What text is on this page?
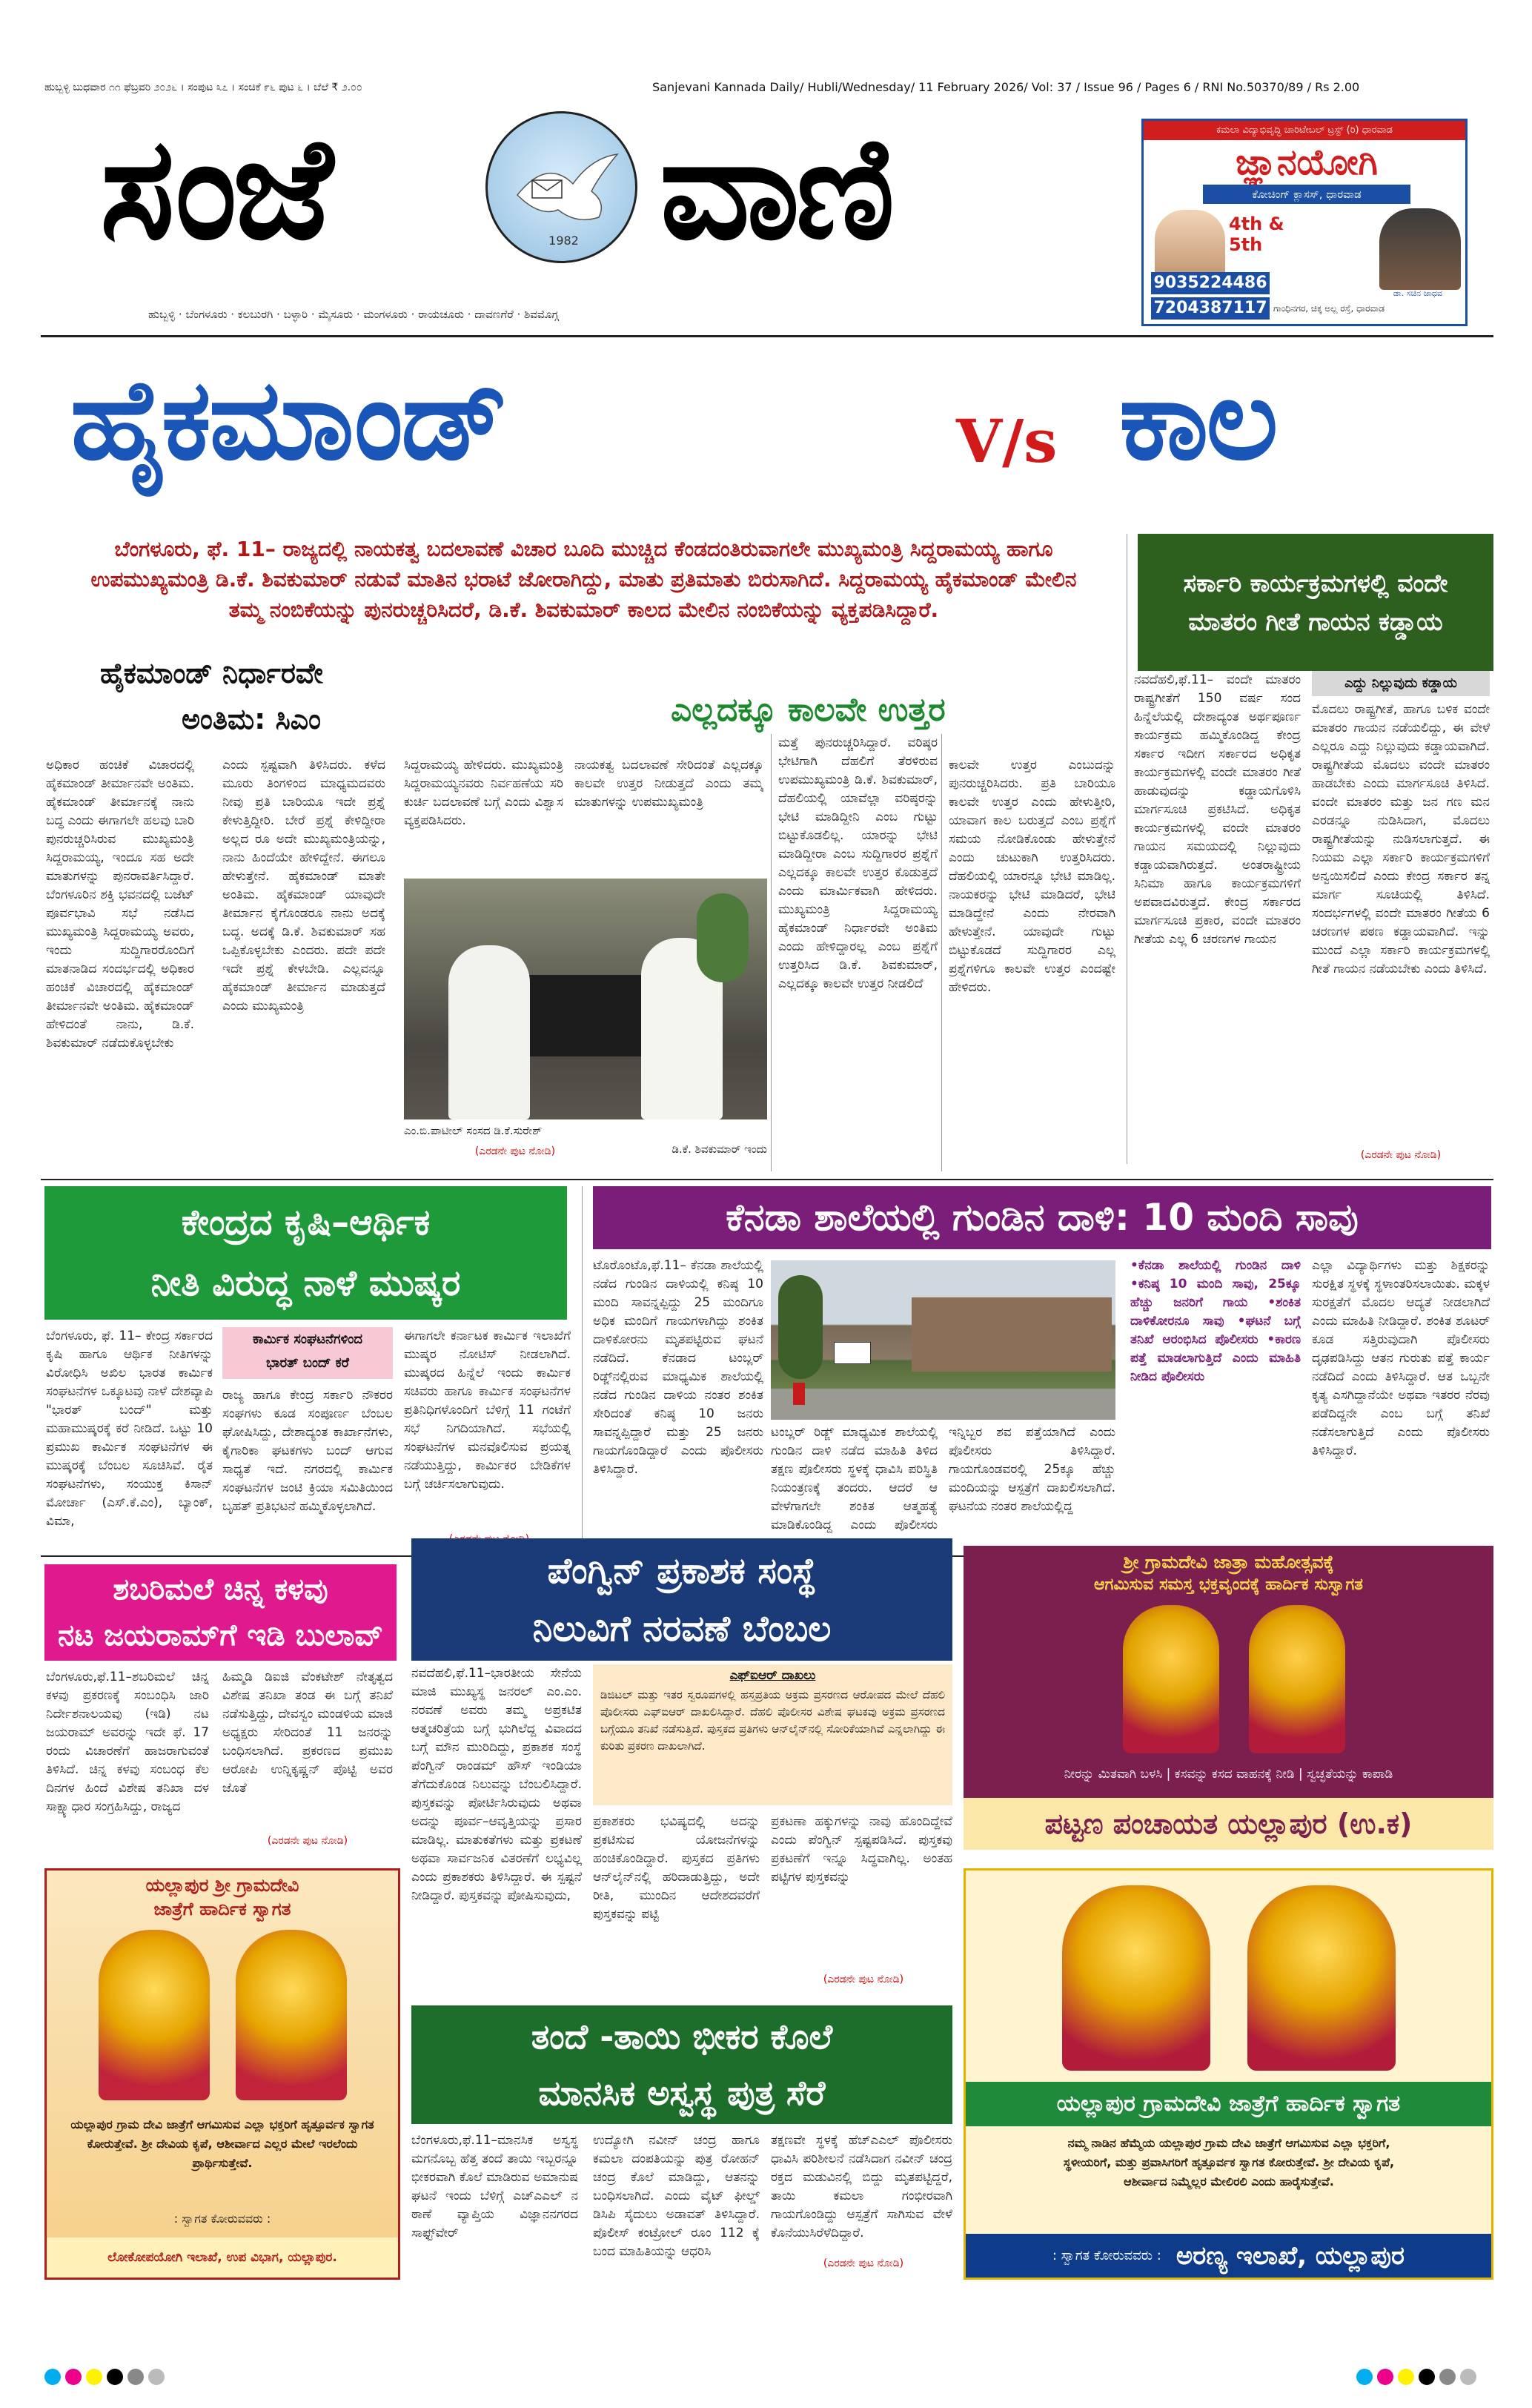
ಹುಬ್ಬಳ್ಳಿ ಬುಧವಾರ ೧೧ ಫೆಬ್ರವರಿ ೨೦೨೬ । ಸಂಪುಟ ೩೭ । ಸಂಚಿಕೆ ೯೬ ಪುಟ ೬ । ಬೆಲೆ ₹ ೨.೦೦	Sanjevani Kannada Daily/ Hubli/Wednesday/ 11 February 2026/ Vol: 37 / Issue 96 / Pages 6 / RNI No.50370/89 / Rs 2.00
ಸಂಜೆ	1982 ವಾಣಿ
ಹುಬ್ಬಳ್ಳಿ · ಬೆಂಗಳೂರು · ಕಲಬುರಗಿ · ಬಳ್ಳಾರಿ · ಮೈಸೂರು · ಮಂಗಳೂರು · ರಾಯಚೂರು · ದಾವಣಗೆರೆ · ಶಿವಮೊಗ್ಗ
ಕಮಲಾ ವಿದ್ಯಾಭಿವೃದ್ಧಿ ಚಾರಿಟೇಬಲ್ ಟ್ರಸ್ಟ್ (ರಿ) ಧಾರವಾಡ
ಜ್ಞಾನಯೋಗಿ
ಕೋಚಿಂಗ್ ಕ್ಲಾಸಸ್, ಧಾರವಾಡ
4th & 5th
ಡಾ. ಸಚಿನ ಜಾಧವ
9035224486
7204387117 ಗಾಂಧಿನಗರ, ಚಿಕ್ಕ ಅಲ್ಲ ರಸ್ತೆ, ಧಾರವಾಡ
ಹೈಕಮಾಂಡ್	V/s ಕಾಲ
ಬೆಂಗಳೂರು, ಫೆ. 11– ರಾಜ್ಯದಲ್ಲಿ ನಾಯಕತ್ವ ಬದಲಾವಣೆ ವಿಚಾರ ಬೂದಿ ಮುಚ್ಚಿದ ಕೆಂಡದಂತಿರುವಾಗಲೇ ಮುಖ್ಯಮಂತ್ರಿ ಸಿದ್ದರಾಮಯ್ಯ ಹಾಗೂ ಉಪಮುಖ್ಯಮಂತ್ರಿ ಡಿ.ಕೆ. ಶಿವಕುಮಾರ್ ನಡುವೆ ಮಾತಿನ ಭರಾಟೆ ಜೋರಾಗಿದ್ದು, ಮಾತು ಪ್ರತಿಮಾತು ಬಿರುಸಾಗಿದೆ. ಸಿದ್ದರಾಮಯ್ಯ ಹೈಕಮಾಂಡ್ ಮೇಲಿನ ತಮ್ಮ ನಂಬಿಕೆಯನ್ನು ಪುನರುಚ್ಚರಿಸಿದರೆ, ಡಿ.ಕೆ. ಶಿವಕುಮಾರ್ ಕಾಲದ ಮೇಲಿನ ನಂಬಿಕೆಯನ್ನು ವ್ಯಕ್ತಪಡಿಸಿದ್ದಾರೆ.
ಸರ್ಕಾರಿ ಕಾರ್ಯಕ್ರಮಗಳಲ್ಲಿ ವಂದೇ ಮಾತರಂ ಗೀತೆ ಗಾಯನ ಕಡ್ಡಾಯ
ಹೈಕಮಾಂಡ್ ನಿರ್ಧಾರವೇ
ಅಂತಿಮ: ಸಿಎಂ	ಎಲ್ಲದಕ್ಕೂ ಕಾಲವೇ ಉತ್ತರ
ಅಧಿಕಾರ ಹಂಚಿಕೆ ವಿಚಾರದಲ್ಲಿ ಹೈಕಮಾಂಡ್ ತೀರ್ಮಾನವೇ ಅಂತಿಮ. ಹೈಕಮಾಂಡ್ ತೀರ್ಮಾನಕ್ಕೆ ನಾನು ಬದ್ಧ ಎಂದು ಈಗಾಗಲೇ ಹಲವು ಬಾರಿ ಪುನರುಚ್ಚರಿಸಿರುವ ಮುಖ್ಯಮಂತ್ರಿ ಸಿದ್ದರಾಮಯ್ಯ, ಇಂದೂ ಸಹ ಅದೇ ಮಾತುಗಳನ್ನು ಪುನರಾವರ್ತಿಸಿದ್ದಾರೆ. ಬೆಂಗಳೂರಿನ ಶಕ್ತಿ ಭವನದಲ್ಲಿ ಬಜೆಟ್ ಪೂರ್ವಭಾವಿ ಸಭೆ ನಡೆಸಿದ ಮುಖ್ಯಮಂತ್ರಿ ಸಿದ್ದರಾಮಯ್ಯ ಅವರು, ಇಂದು ಸುದ್ದಿಗಾರರೊಂದಿಗೆ ಮಾತನಾಡಿದ ಸಂದರ್ಭದಲ್ಲಿ ಅಧಿಕಾರ ಹಂಚಿಕೆ ವಿಚಾರದಲ್ಲಿ ಹೈಕಮಾಂಡ್ ತೀರ್ಮಾನವೇ ಅಂತಿಮ. ಹೈಕಮಾಂಡ್ ಹೇಳಿದಂತೆ ನಾನು, ಡಿ.ಕೆ. ಶಿವಕುಮಾರ್ ನಡೆದುಕೊಳ್ಳಬೇಕು
ಎಂದು ಸ್ಪಷ್ಟವಾಗಿ ತಿಳಿಸಿದರು. ಕಳೆದ ಮೂರು ತಿಂಗಳಿಂದ ಮಾಧ್ಯಮದವರು ನೀವು ಪ್ರತಿ ಬಾರಿಯೂ ಇದೇ ಪ್ರಶ್ನೆ ಕೇಳುತ್ತಿದ್ದೀರಿ. ಬೇರೆ ಪ್ರಶ್ನೆ ಕೇಳಿದ್ದೀರಾ ಅಲ್ಲದ ರೂ ಅದೇ ಮುಖ್ಯಮಂತ್ರಿಯನ್ನು, ನಾನು ಹಿಂದೆಯೇ ಹೇಳಿದ್ದೇನೆ. ಈಗಲೂ ಹೇಳುತ್ತೇನೆ. ಹೈಕಮಾಂಡ್ ಮಾತೇ ಅಂತಿಮ. ಹೈಕಮಾಂಡ್ ಯಾವುದೇ ತೀರ್ಮಾನ ಕೈಗೊಂಡರೂ ನಾನು ಅದಕ್ಕೆ ಬದ್ಧ. ಅದಕ್ಕೆ ಡಿ.ಕೆ. ಶಿವಕುಮಾರ್ ಸಹ ಒಪ್ಪಿಕೊಳ್ಳಬೇಕು ಎಂದರು. ಪದೇ ಪದೇ ಇದೇ ಪ್ರಶ್ನೆ ಕೇಳಬೇಡಿ. ಎಲ್ಲವನ್ನೂ ಹೈಕಮಾಂಡ್ ತೀರ್ಮಾನ ಮಾಡುತ್ತದೆ ಎಂದು ಮುಖ್ಯಮಂತ್ರಿ
ಸಿದ್ದರಾಮಯ್ಯ ಹೇಳಿದರು. ಮುಖ್ಯಮಂತ್ರಿ ಸಿದ್ದರಾಮಯ್ಯನವರು ನಿರ್ವಹಣೆಯ ಸರಿ ಕುರ್ಚಿ ಬದಲಾವಣೆ ಬಗ್ಗೆ ಎಂದು ವಿಶ್ವಾಸ ವ್ಯಕ್ತಪಡಿಸಿದರು.
ನಾಯಕತ್ವ ಬದಲಾವಣೆ ಸೇರಿದಂತೆ ಎಲ್ಲದಕ್ಕೂ ಕಾಲವೇ ಉತ್ತರ ನೀಡುತ್ತದೆ ಎಂದು ತಮ್ಮ ಮಾತುಗಳನ್ನು ಉಪಮುಖ್ಯಮಂತ್ರಿ
ಮತ್ತೆ ಪುನರುಚ್ಚರಿಸಿದ್ದಾರೆ. ವರಿಷ್ಠರ ಭೇಟಿಗಾಗಿ ದೆಹಲಿಗೆ ತೆರಳಿರುವ ಉಪಮುಖ್ಯಮಂತ್ರಿ ಡಿ.ಕೆ. ಶಿವಕುಮಾರ್, ದೆಹಲಿಯಲ್ಲಿ ಯಾವೆಲ್ಲಾ ವರಿಷ್ಠರನ್ನು ಭೇಟಿ ಮಾಡಿದ್ದೀನಿ ಎಂಬ ಗುಟ್ಟು ಬಿಟ್ಟುಕೊಡಲಿಲ್ಲ. ಯಾರನ್ನು ಭೇಟಿ ಮಾಡಿದ್ದೀರಾ ಎಂಬ ಸುದ್ದಿಗಾರರ ಪ್ರಶ್ನೆಗೆ ಎಲ್ಲದಕ್ಕೂ ಕಾಲವೇ ಉತ್ತರ ಕೊಡುತ್ತದೆ ಎಂದು ಮಾರ್ಮಿಕವಾಗಿ ಹೇಳಿದರು. ಮುಖ್ಯಮಂತ್ರಿ ಸಿದ್ದರಾಮಯ್ಯ ಹೈಕಮಾಂಡ್ ನಿರ್ಧಾರವೇ ಅಂತಿಮ ಎಂದು ಹೇಳಿದ್ದಾರಲ್ಲ ಎಂಬ ಪ್ರಶ್ನೆಗೆ ಉತ್ತರಿಸಿದ ಡಿ.ಕೆ. ಶಿವಕುಮಾರ್, ಎಲ್ಲದಕ್ಕೂ ಕಾಲವೇ ಉತ್ತರ ನೀಡಲಿದೆ
ಕಾಲವೇ ಉತ್ತರ ಎಂಬುದನ್ನು ಪುನರುಚ್ಚರಿಸಿದರು. ಪ್ರತಿ ಬಾರಿಯೂ ಕಾಲವೇ ಉತ್ತರ ಎಂದು ಹೇಳುತ್ತೀರಿ, ಯಾವಾಗ ಕಾಲ ಬರುತ್ತದೆ ಎಂಬ ಪ್ರಶ್ನೆಗೆ ಸಮಯ ನೋಡಿಕೊಂಡು ಹೇಳುತ್ತೇನೆ ಎಂದು ಚುಟುಕಾಗಿ ಉತ್ತರಿಸಿದರು. ದೆಹಲಿಯಲ್ಲಿ ಯಾರನ್ನೂ ಭೇಟಿ ಮಾಡಿಲ್ಲ. ನಾಯಕರನ್ನು ಭೇಟಿ ಮಾಡಿದರೆ, ಭೇಟಿ ಮಾಡಿದ್ದೇನೆ ಎಂದು ನೇರವಾಗಿ ಹೇಳುತ್ತೇನೆ. ಯಾವುದೇ ಗುಟ್ಟು ಬಿಟ್ಟುಕೊಡದೆ ಸುದ್ದಿಗಾರರ ಎಲ್ಲ ಪ್ರಶ್ನೆಗಳಿಗೂ ಕಾಲವೇ ಉತ್ತರ ಎಂದಷ್ಟೇ ಹೇಳಿದರು.
ಎಂ.ಬಿ.ಪಾಟೀಲ್ ಸಂಸದ ಡಿ.ಕೆ.ಸುರೇಶ್
ಡಿ.ಕೆ. ಶಿವಕುಮಾರ್ ಇಂದು
(ಎರಡನೇ ಪುಟ ನೋಡಿ)
ನವದೆಹಲಿ,ಫೆ.11– ವಂದೇ ಮಾತರಂ ರಾಷ್ಟ್ರಗೀತೆಗೆ 150 ವರ್ಷ ಸಂದ ಹಿನ್ನೆಲೆಯಲ್ಲಿ ದೇಶಾದ್ಯಂತ ಅರ್ಥಪೂರ್ಣ ಕಾರ್ಯಕ್ರಮ ಹಮ್ಮಿಕೊಂಡಿದ್ದ ಕೇಂದ್ರ ಸರ್ಕಾರ ಇದೀಗ ಸರ್ಕಾರದ ಅಧಿಕೃತ ಕಾರ್ಯಕ್ರಮಗಳಲ್ಲಿ ವಂದೇ ಮಾತರಂ ಗೀತೆ ಹಾಡುವುದನ್ನು ಕಡ್ಡಾಯಗೊಳಿಸಿ ಮಾರ್ಗಸೂಚಿ ಪ್ರಕಟಿಸಿದೆ. ಅಧಿಕೃತ ಕಾರ್ಯಕ್ರಮಗಳಲ್ಲಿ ವಂದೇ ಮಾತರಂ ಗಾಯನ ಸಮಯದಲ್ಲಿ ನಿಲ್ಲುವುದು ಕಡ್ಡಾಯವಾಗಿರುತ್ತದೆ. ಅಂತರಾಷ್ಟ್ರೀಯ ಸಿನಿಮಾ ಹಾಗೂ ಕಾರ್ಯಕ್ರಮಗಳಿಗೆ ಅಪವಾದವಿರುತ್ತದೆ. ಕೇಂದ್ರ ಸರ್ಕಾರದ ಮಾರ್ಗಸೂಚಿ ಪ್ರಕಾರ, ವಂದೇ ಮಾತರಂ ಗೀತೆಯ ಎಲ್ಲ 6 ಚರಣಗಳ ಗಾಯನ
ಎದ್ದು ನಿಲ್ಲುವುದು ಕಡ್ಡಾಯ
ಮೊದಲು ರಾಷ್ಟ್ರಗೀತೆ, ಹಾಗೂ ಬಳಿಕ ವಂದೇ ಮಾತರಂ ಗಾಯನ ನಡೆಯಲಿದ್ದು, ಈ ವೇಳೆ ಎಲ್ಲರೂ ಎದ್ದು ನಿಲ್ಲುವುದು ಕಡ್ಡಾಯವಾಗಿದೆ. ರಾಷ್ಟ್ರಗೀತೆಯ ಮೊದಲು ವಂದೇ ಮಾತರಂ ಹಾಡಬೇಕು ಎಂದು ಮಾರ್ಗಸೂಚಿ ತಿಳಿಸಿದೆ. ವಂದೇ ಮಾತರಂ ಮತ್ತು ಜನ ಗಣ ಮನ ಎರಡನ್ನೂ ನುಡಿಸಿದಾಗ, ಮೊದಲು ರಾಷ್ಟ್ರಗೀತೆಯನ್ನು ನುಡಿಸಲಾಗುತ್ತದೆ. ಈ ನಿಯಮ ಎಲ್ಲಾ ಸರ್ಕಾರಿ ಕಾರ್ಯಕ್ರಮಗಳಿಗೆ ಅನ್ವಯಿಸಲಿದೆ ಎಂದು ಕೇಂದ್ರ ಸರ್ಕಾರ ತನ್ನ ಮಾರ್ಗ ಸೂಚಿಯಲ್ಲಿ ತಿಳಿಸಿದೆ. ಸಂದರ್ಭಗಳಲ್ಲಿ ವಂದೇ ಮಾತರಂ ಗೀತೆಯ 6 ಚರಣಗಳ ಪಠಣ ಕಡ್ಡಾಯವಾಗಿದೆ. ಇನ್ನು ಮುಂದೆ ಎಲ್ಲಾ ಸರ್ಕಾರಿ ಕಾರ್ಯಕ್ರಮಗಳಲ್ಲಿ ಗೀತೆ ಗಾಯನ ನಡೆಯಬೇಕು ಎಂದು ತಿಳಿಸಿದೆ.
(ಎರಡನೇ ಪುಟ ನೋಡಿ)
ಕೇಂದ್ರದ ಕೃಷಿ–ಆರ್ಥಿಕ
ನೀತಿ ವಿರುದ್ಧ ನಾಳೆ ಮುಷ್ಕರ
ಬೆಂಗಳೂರು, ಫೆ. 11– ಕೇಂದ್ರ ಸರ್ಕಾರದ ಕೃಷಿ ಹಾಗೂ ಆರ್ಥಿಕ ನೀತಿಗಳನ್ನು ವಿರೋಧಿಸಿ ಅಖಿಲ ಭಾರತ ಕಾರ್ಮಿಕ ಸಂಘಟನೆಗಳ ಒಕ್ಕೂಟವು ನಾಳೆ ದೇಶವ್ಯಾಪಿ "ಭಾರತ್ ಬಂದ್" ಮತ್ತು ಮಹಾಮುಷ್ಕರಕ್ಕೆ ಕರೆ ನೀಡಿದೆ. ಒಟ್ಟು 10 ಪ್ರಮುಖ ಕಾರ್ಮಿಕ ಸಂಘಟನೆಗಳ ಈ ಮುಷ್ಕರಕ್ಕೆ ಬೆಂಬಲ ಸೂಚಿಸಿವೆ. ರೈತ ಸಂಘಟನೆಗಳು, ಸಂಯುಕ್ತ ಕಿಸಾನ್ ಮೋರ್ಚಾ (ಎಸ್.ಕೆ.ಎಂ), ಬ್ಯಾಂಕ್, ವಿಮಾ,
ಕಾರ್ಮಿಕ ಸಂಘಟನೆಗಳಿಂದ
ಭಾರತ್ ಬಂದ್ ಕರೆ
ರಾಜ್ಯ ಹಾಗೂ ಕೇಂದ್ರ ಸರ್ಕಾರಿ ನೌಕರರ ಸಂಘಗಳು ಕೂಡ ಸಂಪೂರ್ಣ ಬೆಂಬಲ ಘೋಷಿಸಿದ್ದು, ದೇಶಾದ್ಯಂತ ಕಾರ್ಖಾನೆಗಳು, ಕೈಗಾರಿಕಾ ಘಟಕಗಳು ಬಂದ್ ಆಗುವ ಸಾಧ್ಯತೆ ಇದೆ. ನಗರದಲ್ಲಿ ಕಾರ್ಮಿಕ ಸಂಘಟನೆಗಳ ಜಂಟಿ ಕ್ರಿಯಾ ಸಮಿತಿಯಿಂದ ಬೃಹತ್ ಪ್ರತಿಭಟನೆ ಹಮ್ಮಿಕೊಳ್ಳಲಾಗಿದೆ.
ಈಗಾಗಲೇ ಕರ್ನಾಟಕ ಕಾರ್ಮಿಕ ಇಲಾಖೆಗೆ ಮುಷ್ಕರ ನೋಟಿಸ್ ನೀಡಲಾಗಿದೆ. ಮುಷ್ಕರದ ಹಿನ್ನೆಲೆ ಇಂದು ಕಾರ್ಮಿಕ ಸಚಿವರು ಹಾಗೂ ಕಾರ್ಮಿಕ ಸಂಘಟನೆಗಳ ಪ್ರತಿನಿಧಿಗಳೊಂದಿಗೆ ಬೆಳಿಗ್ಗೆ 11 ಗಂಟೆಗೆ ಸಭೆ ನಿಗದಿಯಾಗಿದೆ. ಸಭೆಯಲ್ಲಿ ಸಂಘಟನೆಗಳ ಮನವೊಲಿಸುವ ಪ್ರಯತ್ನ ನಡೆಯುತ್ತಿದ್ದು, ಕಾರ್ಮಿಕರ ಬೇಡಿಕೆಗಳ ಬಗ್ಗೆ ಚರ್ಚಿಸಲಾಗುವುದು.
ಕೆನಡಾ ಶಾಲೆಯಲ್ಲಿ ಗುಂಡಿನ ದಾಳಿ: 10 ಮಂದಿ ಸಾವು
ಟೊರೊಂಟೊ,ಫೆ.11– ಕೆನಡಾ ಶಾಲೆಯಲ್ಲಿ ನಡೆದ ಗುಂಡಿನ ದಾಳಿಯಲ್ಲಿ ಕನಿಷ್ಠ 10 ಮಂದಿ ಸಾವನ್ನಪ್ಪಿದ್ದು 25 ಮಂದಿಗೂ ಅಧಿಕ ಮಂದಿಗೆ ಗಾಯಗಳಾಗಿದ್ದು ಶಂಕಿತ ದಾಳಿಕೋರನು ಮೃತಪಟ್ಟಿರುವ ಘಟನೆ ನಡೆದಿದೆ. ಕೆನಡಾದ ಟಂಬ್ಲರ್ ರಿಡ್ಜ್‌ನಲ್ಲಿರುವ ಮಾಧ್ಯಮಿಕ ಶಾಲೆಯಲ್ಲಿ ನಡೆದ ಗುಂಡಿನ ದಾಳಿಯ ನಂತರ ಶಂಕಿತ ಸೇರಿದಂತೆ ಕನಿಷ್ಠ 10 ಜನರು ಸಾವನ್ನಪ್ಪಿದ್ದಾರೆ ಮತ್ತು 25 ಜನರು ಗಾಯಗೊಂಡಿದ್ದಾರೆ ಎಂದು ಪೊಲೀಸರು ತಿಳಿಸಿದ್ದಾರೆ.
ಟಂಬ್ಲರ್ ರಿಡ್ಜ್ ಮಾಧ್ಯಮಿಕ ಶಾಲೆಯಲ್ಲಿ ಗುಂಡಿನ ದಾಳಿ ನಡೆದ ಮಾಹಿತಿ ತಿಳಿದ ತಕ್ಷಣ ಪೊಲೀಸರು ಸ್ಥಳಕ್ಕೆ ಧಾವಿಸಿ ಪರಿಸ್ಥಿತಿ ನಿಯಂತ್ರಣಕ್ಕೆ ತಂದರು. ಆದರೆ ಆ ವೇಳೆಗಾಗಲೇ ಶಂಕಿತ ಆತ್ಮಹತ್ಯೆ ಮಾಡಿಕೊಂಡಿದ್ದ ಎಂದು ಪೊಲೀಸರು
ಇನ್ನಿಬ್ಬರ ಶವ ಪತ್ತೆಯಾಗಿದೆ ಎಂದು ಪೊಲೀಸರು ತಿಳಿಸಿದ್ದಾರೆ. ಗಾಯಗೊಂಡವರಲ್ಲಿ 25ಕ್ಕೂ ಹೆಚ್ಚು ಮಂದಿಯನ್ನು ಆಸ್ಪತ್ರೆಗೆ ದಾಖಲಿಸಲಾಗಿದೆ. ಘಟನೆಯ ನಂತರ ಶಾಲೆಯಲ್ಲಿದ್ದ
•ಕೆನಡಾ ಶಾಲೆಯಲ್ಲಿ ಗುಂಡಿನ ದಾಳಿ •ಕನಿಷ್ಠ 10 ಮಂದಿ ಸಾವು, 25ಕ್ಕೂ ಹೆಚ್ಚು ಜನರಿಗೆ ಗಾಯ •ಶಂಕಿತ ದಾಳಿಕೋರನೂ ಸಾವು •ಘಟನೆ ಬಗ್ಗೆ ತನಿಖೆ ಆರಂಭಿಸಿದ ಪೊಲೀಸರು •ಕಾರಣ ಪತ್ತೆ ಮಾಡಲಾಗುತ್ತಿದೆ ಎಂದು ಮಾಹಿತಿ ನೀಡಿದ ಪೊಲೀಸರು
ಎಲ್ಲಾ ವಿದ್ಯಾರ್ಥಿಗಳು ಮತ್ತು ಶಿಕ್ಷಕರನ್ನು ಸುರಕ್ಷಿತ ಸ್ಥಳಕ್ಕೆ ಸ್ಥಳಾಂತರಿಸಲಾಯಿತು. ಮಕ್ಕಳ ಸುರಕ್ಷತೆಗೆ ಮೊದಲ ಆದ್ಯತೆ ನೀಡಲಾಗಿದೆ ಎಂದು ಮಾಹಿತಿ ನೀಡಿದ್ದಾರೆ. ಶಂಕಿತ ಶೂಟರ್ ಕೂಡ ಸತ್ತಿರುವುದಾಗಿ ಪೊಲೀಸರು ದೃಢಪಡಿಸಿದ್ದು ಆತನ ಗುರುತು ಪತ್ತೆ ಕಾರ್ಯ ನಡೆದಿದೆ ಎಂದು ತಿಳಿಸಿದ್ದಾರೆ. ಆತ ಒಬ್ಬನೇ ಕೃತ್ಯ ಎಸಗಿದ್ದಾನೆಯೇ ಅಥವಾ ಇತರರ ನೆರವು ಪಡೆದಿದ್ದನೇ ಎಂಬ ಬಗ್ಗೆ ತನಿಖೆ ನಡೆಸಲಾಗುತ್ತಿದೆ ಎಂದು ಪೊಲೀಸರು ತಿಳಿಸಿದ್ದಾರೆ.
ಶಬರಿಮಲೆ ಚಿನ್ನ ಕಳವು
ನಟ ಜಯರಾಮ್‌ಗೆ ಇಡಿ ಬುಲಾವ್
ಬೆಂಗಳೂರು,ಫೆ.11–ಶಬರಿಮಲೆ ಚಿನ್ನ ಕಳವು ಪ್ರಕರಣಕ್ಕೆ ಸಂಬಂಧಿಸಿ ಜಾರಿ ನಿರ್ದೇಶನಾಲಯವು (ಇಡಿ) ನಟ ಜಯರಾಮ್ ಅವರನ್ನು ಇದೇ ಫೆ. 17 ರಂದು ವಿಚಾರಣೆಗೆ ಹಾಜರಾಗುವಂತೆ ತಿಳಿಸಿದೆ. ಚಿನ್ನ ಕಳವು ಸಂಬಂಧ ಕೆಲ ದಿನಗಳ ಹಿಂದೆ ವಿಶೇಷ ತನಿಖಾ ದಳ ಸಾಕ್ಷ್ಯಾಧಾರ ಸಂಗ್ರಹಿಸಿದ್ದು, ರಾಜ್ಯದ
ಹಿಮ್ಮಡಿ ಡಿಐಜಿ ವೆಂಕಟೇಶ್ ನೇತೃತ್ವದ ವಿಶೇಷ ತನಿಖಾ ತಂಡ ಈ ಬಗ್ಗೆ ತನಿಖೆ ನಡೆಸುತ್ತಿದ್ದು, ದೇವಸ್ವಂ ಮಂಡಳಿಯ ಮಾಜಿ ಅಧ್ಯಕ್ಷರು ಸೇರಿದಂತೆ 11 ಜನರನ್ನು ಬಂಧಿಸಲಾಗಿದೆ. ಪ್ರಕರಣದ ಪ್ರಮುಖ ಆರೋಪಿ ಉನ್ನಿಕೃಷ್ಣನ್ ಪೊಟ್ಟಿ ಅವರ ಜೊತೆ
(ಎರಡನೇ ಪುಟ ನೋಡಿ)
ಪೆಂಗ್ವಿನ್ ಪ್ರಕಾಶಕ ಸಂಸ್ಥೆ
ನಿಲುವಿಗೆ ನರವಣೆ ಬೆಂಬಲ
ನವದೆಹಲಿ,ಫೆ.11–ಭಾರತೀಯ ಸೇನೆಯ ಮಾಜಿ ಮುಖ್ಯಸ್ಥ ಜನರಲ್ ಎಂ.ಎಂ. ನರವಣೆ ಅವರು ತಮ್ಮ ಅಪ್ರಕಟಿತ ಆತ್ಮಚರಿತ್ರೆಯ ಬಗ್ಗೆ ಭುಗಿಲೆದ್ದ ವಿವಾದದ ಬಗ್ಗೆ ಮೌನ ಮುರಿದಿದ್ದು, ಪ್ರಕಾಶಕ ಸಂಸ್ಥೆ ಪೆಂಗ್ವಿನ್ ರಾಂಡಮ್ ಹೌಸ್ ಇಂಡಿಯಾ ತೆಗೆದುಕೊಂಡ ನಿಲುವನ್ನು ಬೆಂಬಲಿಸಿದ್ದಾರೆ. ಪುಸ್ತಕವನ್ನು ಪೋರ್ಟಿಸಿರುವುದು ಅಥವಾ ಅದನ್ನು ಪೂರ್ವ–ಆವೃತ್ತಿಯನ್ನು ಪ್ರಸಾರ ಮಾಡಿಲ್ಲ. ಮಾತುಕತೆಗಳು ಮತ್ತು ಪ್ರಕಟಣೆ ಅಥವಾ ಸಾರ್ವಜನಿಕ ವಿತರಣೆಗೆ ಲಭ್ಯವಿಲ್ಲ ಎಂದು ಪ್ರಕಾಶಕರು ತಿಳಿಸಿದ್ದಾರೆ. ಈ ಸ್ಪಷ್ಟನೆ ನೀಡಿದ್ದಾರೆ. ಪುಸ್ತಕವನ್ನು ಪೋಷಿಸುವುದು,
ಎಫ್‌ಐಆರ್ ದಾಖಲು
ಡಿಜಿಟಲ್ ಮತ್ತು ಇತರ ಸ್ವರೂಪಗಳಲ್ಲಿ ಹಸ್ತಪ್ರತಿಯ ಅಕ್ರಮ ಪ್ರಸರಣದ ಆರೋಪದ ಮೇಲೆ ದೆಹಲಿ ಪೊಲೀಸರು ಎಫ್‌ಐಆರ್ ದಾಖಲಿಸಿದ್ದಾರೆ. ದೆಹಲಿ ಪೊಲೀಸರ ವಿಶೇಷ ಘಟಕವು ಅಕ್ರಮ ಪ್ರಸರಣದ ಬಗ್ಗೆಯೂ ತನಿಖೆ ನಡೆಸುತ್ತಿದೆ. ಪುಸ್ತಕದ ಪ್ರತಿಗಳು ಆನ್‌ಲೈನ್‌ನಲ್ಲಿ ಸೋರಿಕೆಯಾಗಿವೆ ಎನ್ನಲಾಗಿದ್ದು ಈ ಕುರಿತು ಪ್ರಕರಣ ದಾಖಲಾಗಿದೆ.
ಪ್ರಕಾಶಕರು ಭವಿಷ್ಯದಲ್ಲಿ ಅದನ್ನು ಪ್ರಕಟಿಸುವ ಯೋಜನೆಗಳನ್ನು ಹಂಚಿಕೊಂಡಿದ್ದಾರೆ. ಪುಸ್ತಕದ ಪ್ರತಿಗಳು ಆನ್‌ಲೈನ್‌ನಲ್ಲಿ ಹರಿದಾಡುತ್ತಿದ್ದು, ಅದೇ ರೀತಿ, ಮುಂದಿನ ಆದೇಶದವರೆಗೆ ಪುಸ್ತಕವನ್ನು ಪಟ್ಟಿ
ಪ್ರಕಟಣಾ ಹಕ್ಕುಗಳನ್ನು ನಾವು ಹೊಂದಿದ್ದೇವೆ ಎಂದು ಪೆಂಗ್ವಿನ್ ಸ್ಪಷ್ಟಪಡಿಸಿದೆ. ಪುಸ್ತಕವು ಪ್ರಕಟಣೆಗೆ ಇನ್ನೂ ಸಿದ್ಧವಾಗಿಲ್ಲ. ಅಂತಹ ಪಟ್ಟಿಗಳ ಪುಸ್ತಕವನ್ನು
(ಎರಡನೇ ಪುಟ ನೋಡಿ)
ಶ್ರೀ ಗ್ರಾಮದೇವಿ ಜಾತ್ರಾ ಮಹೋತ್ಸವಕ್ಕೆ
ಆಗಮಿಸುವ ಸಮಸ್ತ ಭಕ್ತವೃಂದಕ್ಕೆ ಹಾರ್ದಿಕ ಸುಸ್ವಾಗತ
ನೀರನ್ನು ಮಿತವಾಗಿ ಬಳಸಿ | ಕಸವನ್ನು ಕಸದ ವಾಹನಕ್ಕೆ ನೀಡಿ | ಸ್ವಚ್ಛತೆಯನ್ನು ಕಾಪಾಡಿ
ಪಟ್ಟಣ ಪಂಚಾಯತ ಯಲ್ಲಾಪುರ (ಉ.ಕ)
ಯಲ್ಲಾಪುರ ಶ್ರೀ ಗ್ರಾಮದೇವಿ
ಜಾತ್ರೆಗೆ ಹಾರ್ದಿಕ ಸ್ವಾಗತ
ಯಲ್ಲಾಪುರ ಗ್ರಾಮ ದೇವಿ ಜಾತ್ರೆಗೆ ಆಗಮಿಸುವ ಎಲ್ಲಾ ಭಕ್ತರಿಗೆ ಹೃತ್ಪೂರ್ವಕ ಸ್ವಾಗತ ಕೋರುತ್ತೇವೆ. ಶ್ರೀ ದೇವಿಯ ಕೃಪೆ, ಆಶೀರ್ವಾದ ಎಲ್ಲರ ಮೇಲೆ ಇರಲೆಂದು ಪ್ರಾರ್ಥಿಸುತ್ತೇವೆ.
: ಸ್ವಾಗತ ಕೋರುವವರು :
ಲೋಕೋಪಯೋಗಿ ಇಲಾಖೆ, ಉಪ ವಿಭಾಗ, ಯಲ್ಲಾಪುರ.
ತಂದೆ -ತಾಯಿ ಭೀಕರ ಕೊಲೆ
ಮಾನಸಿಕ ಅಸ್ವಸ್ಥ ಪುತ್ರ ಸೆರೆ
ಬೆಂಗಳೂರು,ಫೆ.11–ಮಾನಸಿಕ ಅಸ್ವಸ್ಥ ಮಗನೊಬ್ಬ ಹೆತ್ತ ತಂದೆ ತಾಯಿ ಇಬ್ಬರನ್ನೂ ಭೀಕರವಾಗಿ ಕೊಲೆ ಮಾಡಿರುವ ಅಮಾನುಷ ಘಟನೆ ಇಂದು ಬೆಳಿಗ್ಗೆ ಎಚ್ಎಎಲ್ ನ ಠಾಣೆ ವ್ಯಾಪ್ತಿಯ ವಿಜ್ಞಾನನಗರದ ಸಾಫ್ಟ್‌ವೇರ್
ಉದ್ಯೋಗಿ ನವೀನ್ ಚಂದ್ರ ಹಾಗೂ ಕಮಲಾ ದಂಪತಿಯನ್ನು ಪುತ್ರ ರೋಹನ್ ಚಂದ್ರ ಕೊಲೆ ಮಾಡಿದ್ದು, ಆತನನ್ನು ಬಂಧಿಸಲಾಗಿದೆ. ಎಂದು ವೈಟ್‌ ಫೀಲ್ಡ್ ಡಿಸಿಪಿ ಸೈದುಲು ಅಡಾವತ್ ತಿಳಿಸಿದ್ದಾರೆ. ಪೊಲೀಸ್ ಕಂಟ್ರೋಲ್ ರೂಂ 112 ಕ್ಕೆ ಬಂದ ಮಾಹಿತಿಯನ್ನು ಆಧರಿಸಿ
ತಕ್ಷಣವೇ ಸ್ಥಳಕ್ಕೆ ಹೆಚ್ಎಎಲ್ ಪೊಲೀಸರು ಧಾವಿಸಿ ಪರಿಶೀಲನೆ ನಡೆಸಿದಾಗ ನವೀನ್ ಚಂದ್ರ ರಕ್ತದ ಮಡುವಿನಲ್ಲಿ ಬಿದ್ದು ಮೃತಪಟ್ಟಿದ್ದರೆ, ತಾಯಿ ಕಮಲಾ ಗಂಭೀರವಾಗಿ ಗಾಯಗೊಂಡಿದ್ದು ಆಸ್ಪತ್ರೆಗೆ ಸಾಗಿಸುವ ವೇಳೆ ಕೊನೆಯುಸಿರೆಳೆದಿದ್ದಾರೆ.
(ಎರಡನೇ ಪುಟ ನೋಡಿ)
ಯಲ್ಲಾಪುರ ಗ್ರಾಮದೇವಿ ಜಾತ್ರೆಗೆ ಹಾರ್ದಿಕ ಸ್ವಾಗತ
ನಮ್ಮ ನಾಡಿನ ಹೆಮ್ಮೆಯ ಯಲ್ಲಾಪುರ ಗ್ರಾಮ ದೇವಿ ಜಾತ್ರೆಗೆ ಆಗಮಿಸುವ ಎಲ್ಲಾ ಭಕ್ತರಿಗೆ, ಸ್ಥಳೀಯರಿಗೆ, ಮತ್ತು ಪ್ರವಾಸಿಗರಿಗೆ ಹೃತ್ಪೂರ್ವಕ ಸ್ವಾಗತ ಕೋರುತ್ತೇವೆ. ಶ್ರೀ ದೇವಿಯ ಕೃಪೆ, ಆಶೀರ್ವಾದ ನಿಮ್ಮೆಲ್ಲರ ಮೇಲಿರಲಿ ಎಂದು ಹಾರೈಸುತ್ತೇವೆ.
: ಸ್ವಾಗತ ಕೋರುವವರು : ಅರಣ್ಯ ಇಲಾಖೆ, ಯಲ್ಲಾಪುರ
